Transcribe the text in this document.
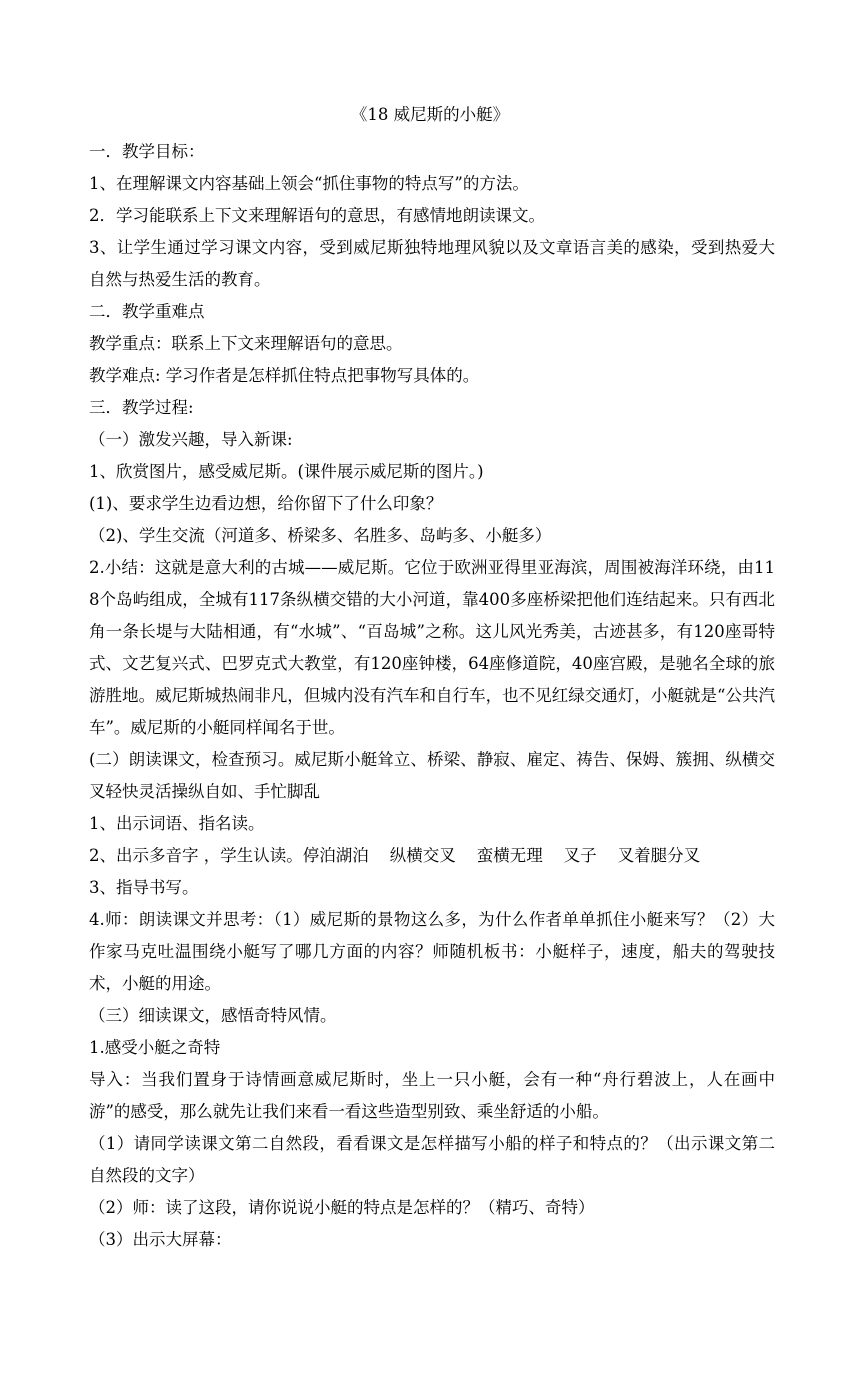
《18 威尼斯的小艇》

一．教学目标：

1、在理解课文内容基础上领会“抓住事物的特点写”的方法。

2．学习能联系上下文来理解语句的意思，有感情地朗读课文。

3、让学生通过学习课文内容，受到威尼斯独特地理风貌以及文章语言美的感染，受到热爱大自然与热爱生活的教育。

二．教学重难点

教学重点：联系上下文来理解语句的意思。

教学难点: 学习作者是怎样抓住特点把事物写具体的。

三．教学过程:

（一）激发兴趣，导入新课:

1、欣赏图片，感受威尼斯。(课件展示威尼斯的图片。)

(1)、要求学生边看边想，给你留下了什么印象？

（2)、学生交流（河道多、桥梁多、名胜多、岛屿多、小艇多）

2.小结：这就是意大利的古城——威尼斯。它位于欧洲亚得里亚海滨，周围被海洋环绕，由118个岛屿组成，全城有117条纵横交错的大小河道，靠400多座桥梁把他们连结起来。只有西北角一条长堤与大陆相通，有“水城”、“百岛城”之称。这儿风光秀美，古迹甚多，有120座哥特式、文艺复兴式、巴罗克式大教堂，有120座钟楼，64座修道院，40座宫殿，是驰名全球的旅游胜地。威尼斯城热闹非凡，但城内没有汽车和自行车，也不见红绿交通灯，小艇就是“公共汽车”。威尼斯的小艇同样闻名于世。

(二）朗读课文，检查预习。威尼斯小艇耸立、桥梁、静寂、雇定、祷告、保姆、簇拥、纵横交叉轻快灵活操纵自如、手忙脚乱

1、出示词语、指名读。

2、出示多音字 ，学生认读。停泊湖泊    纵横交叉    蛮横无理    叉子    叉着腿分叉

3、指导书写。

4.师：朗读课文并思考：（1）威尼斯的景物这么多，为什么作者单单抓住小艇来写？（2）大作家马克吐温围绕小艇写了哪几方面的内容？师随机板书：小艇样子，速度，船夫的驾驶技术，小艇的用途。

（三）细读课文，感悟奇特风情。

1.感受小艇之奇特

导入：当我们置身于诗情画意威尼斯时，坐上一只小艇，会有一种“舟行碧波上，人在画中游”的感受，那么就先让我们来看一看这些造型别致、乘坐舒适的小船。

（1）请同学读课文第二自然段，看看课文是怎样描写小船的样子和特点的？（出示课文第二自然段的文字）

（2）师：读了这段，请你说说小艇的特点是怎样的？（精巧、奇特）

（3）出示大屏幕：
